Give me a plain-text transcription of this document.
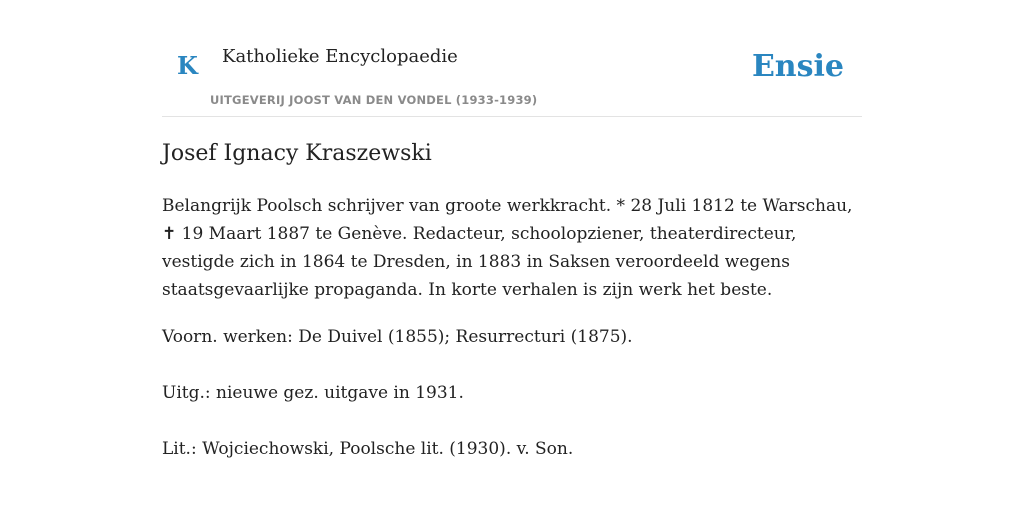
K Katholieke Encyclopaedie
UITGEVERIJ JOOST VAN DEN VONDEL (1933-1939)
Ensie
Josef Ignacy Kraszewski

Belangrijk Poolsch schrijver van groote werkkracht. * 28 Juli 1812 te Warschau, ✝ 19 Maart 1887 te Genève. Redacteur, schoolopziener, theaterdirecteur, vestigde zich in 1864 te Dresden, in 1883 in Saksen veroordeeld wegens staatsgevaarlijke propaganda. In korte verhalen is zijn werk het beste.

Voorn. werken: De Duivel (1855); Resurrecturi (1875).

Uitg.: nieuwe gez. uitgave in 1931.

Lit.: Wojciechowski, Poolsche lit. (1930). v. Son.
